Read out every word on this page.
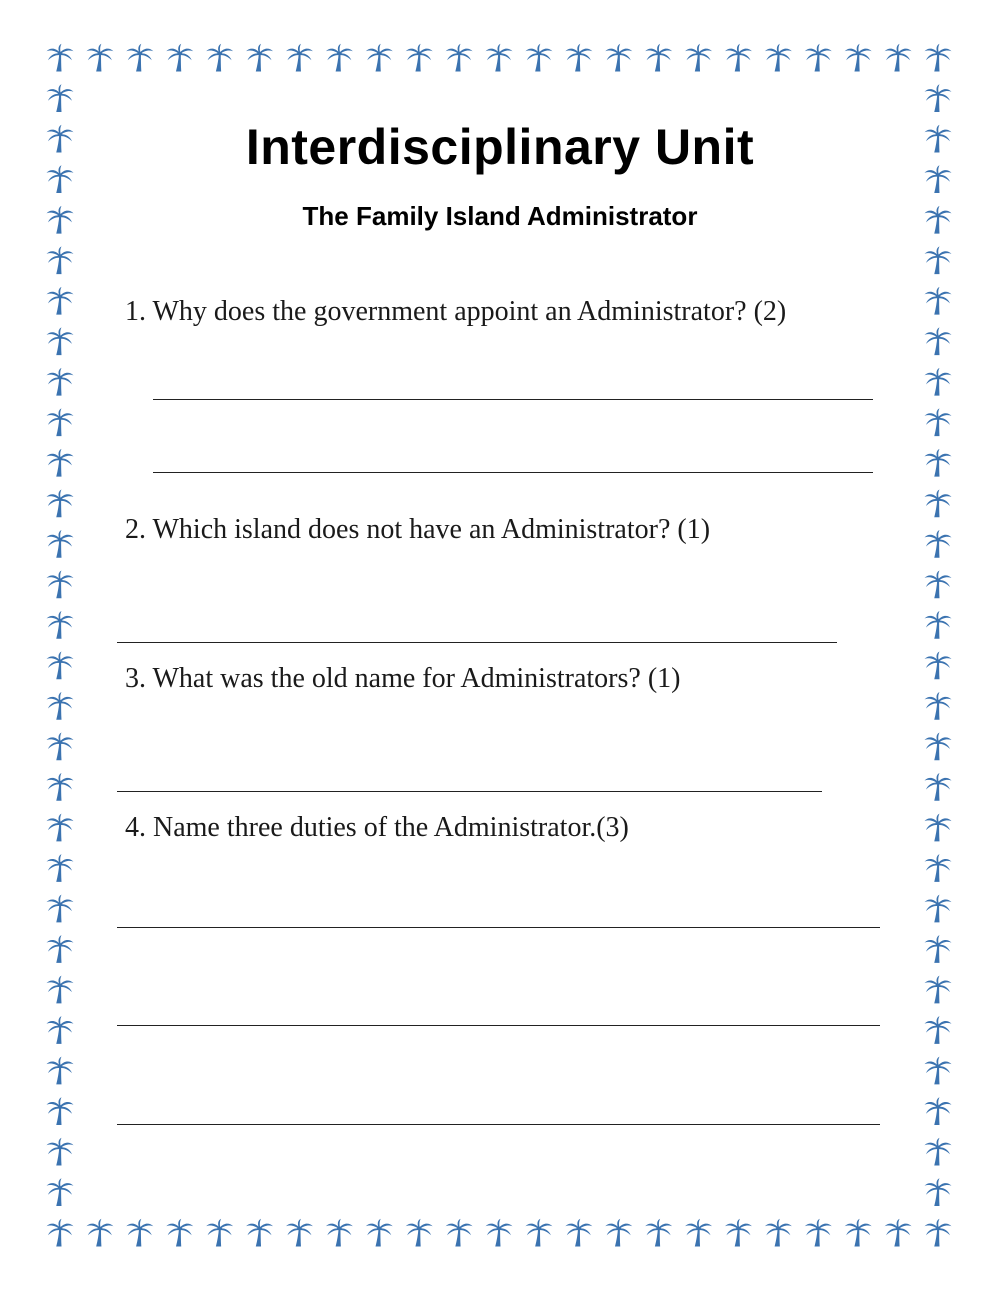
Interdisciplinary Unit
The Family Island Administrator
1. Why does the government appoint an Administrator? (2)
2. Which island does not have an Administrator? (1)
3. What was the old name for Administrators? (1)
4. Name three duties of the Administrator.(3)
